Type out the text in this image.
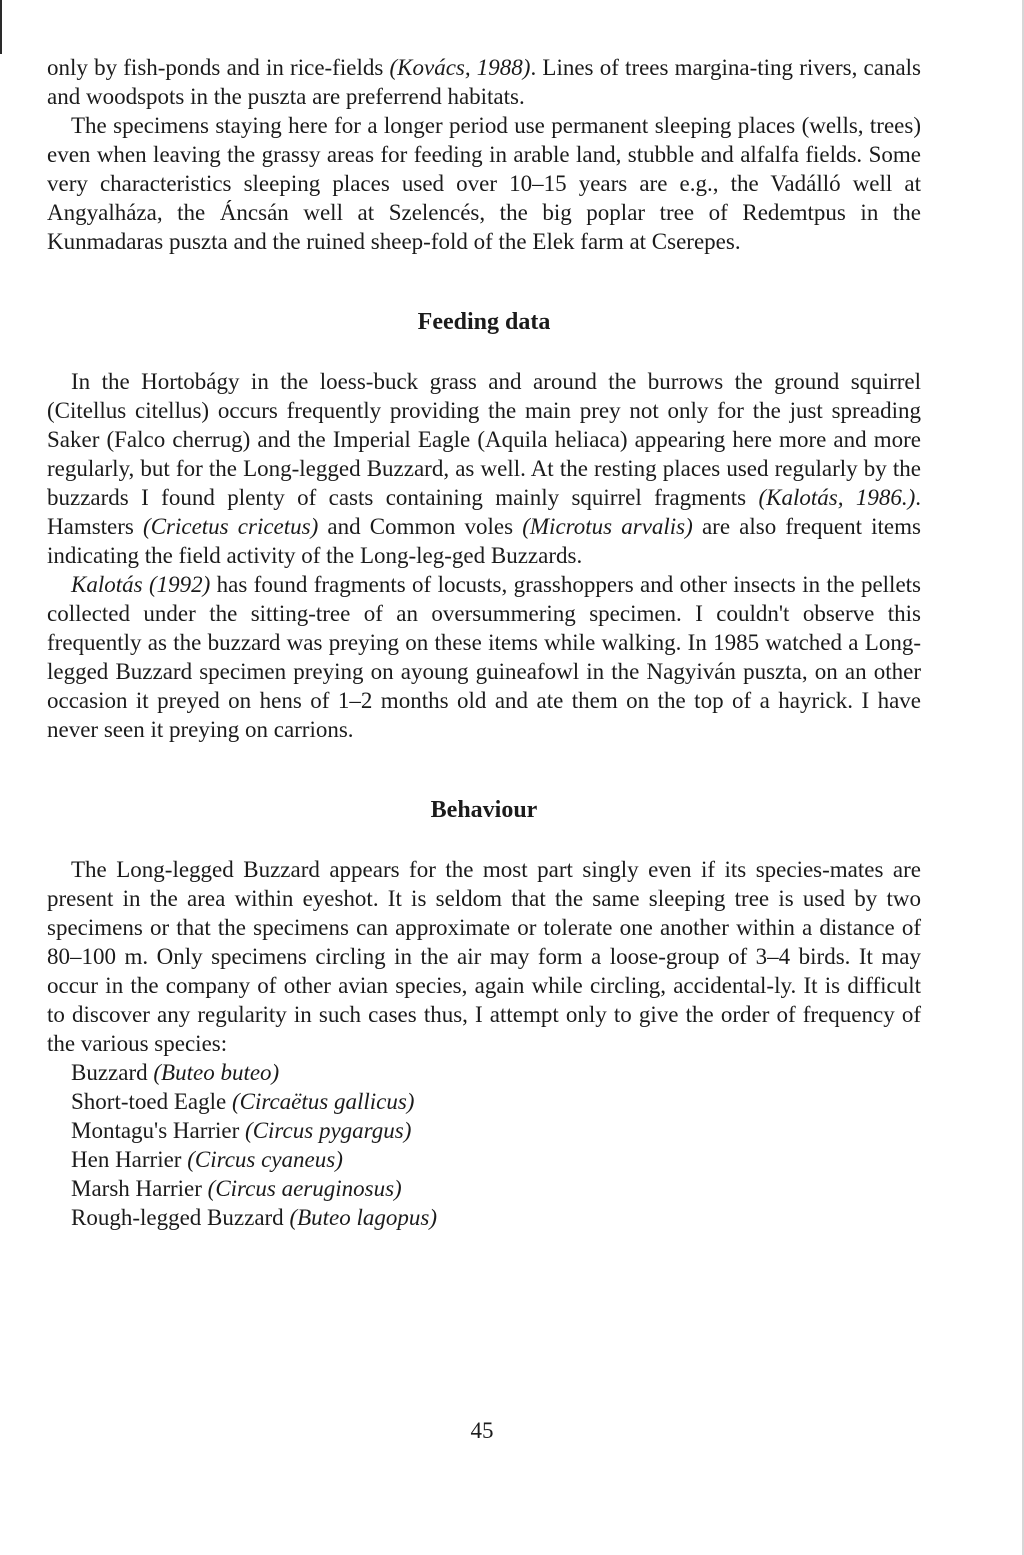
only by fish-ponds and in rice-fields (Kovács, 1988). Lines of trees margina-ting rivers, canals and woodspots in the puszta are preferrend habitats.

The specimens staying here for a longer period use permanent sleeping places (wells, trees) even when leaving the grassy areas for feeding in arable land, stubble and alfalfa fields. Some very characteristics sleeping places used over 10–15 years are e.g., the Vadálló well at Angyalháza, the Áncsán well at Szelencés, the big poplar tree of Redemtpus in the Kunmadaras puszta and the ruined sheep-fold of the Elek farm at Cserepes.

Feeding data

In the Hortobágy in the loess-buck grass and around the burrows the ground squirrel (Citellus citellus) occurs frequently providing the main prey not only for the just spreading Saker (Falco cherrug) and the Imperial Eagle (Aquila heliaca) appearing here more and more regularly, but for the Long-legged Buzzard, as well. At the resting places used regularly by the buzzards I found plenty of casts containing mainly squirrel fragments (Kalotás, 1986.). Hamsters (Cricetus cricetus) and Common voles (Microtus arvalis) are also frequent items indicating the field activity of the Long-leg-ged Buzzards.

Kalotás (1992) has found fragments of locusts, grasshoppers and other insects in the pellets collected under the sitting-tree of an oversummering specimen. I couldn't observe this frequently as the buzzard was preying on these items while walking. In 1985 watched a Long-legged Buzzard specimen preying on ayoung guineafowl in the Nagyiván puszta, on an other occasion it preyed on hens of 1–2 months old and ate them on the top of a hayrick. I have never seen it preying on carrions.

Behaviour

The Long-legged Buzzard appears for the most part singly even if its species-mates are present in the area within eyeshot. It is seldom that the same sleeping tree is used by two specimens or that the specimens can approximate or tolerate one another within a distance of 80–100 m. Only specimens circling in the air may form a loose-group of 3–4 birds. It may occur in the company of other avian species, again while circling, accidental-ly. It is difficult to discover any regularity in such cases thus, I attempt only to give the order of frequency of the various species:

Buzzard (Buteo buteo)
Short-toed Eagle (Circaëtus gallicus)
Montagu's Harrier (Circus pygargus)
Hen Harrier (Circus cyaneus)
Marsh Harrier (Circus aeruginosus)
Rough-legged Buzzard (Buteo lagopus)
45
